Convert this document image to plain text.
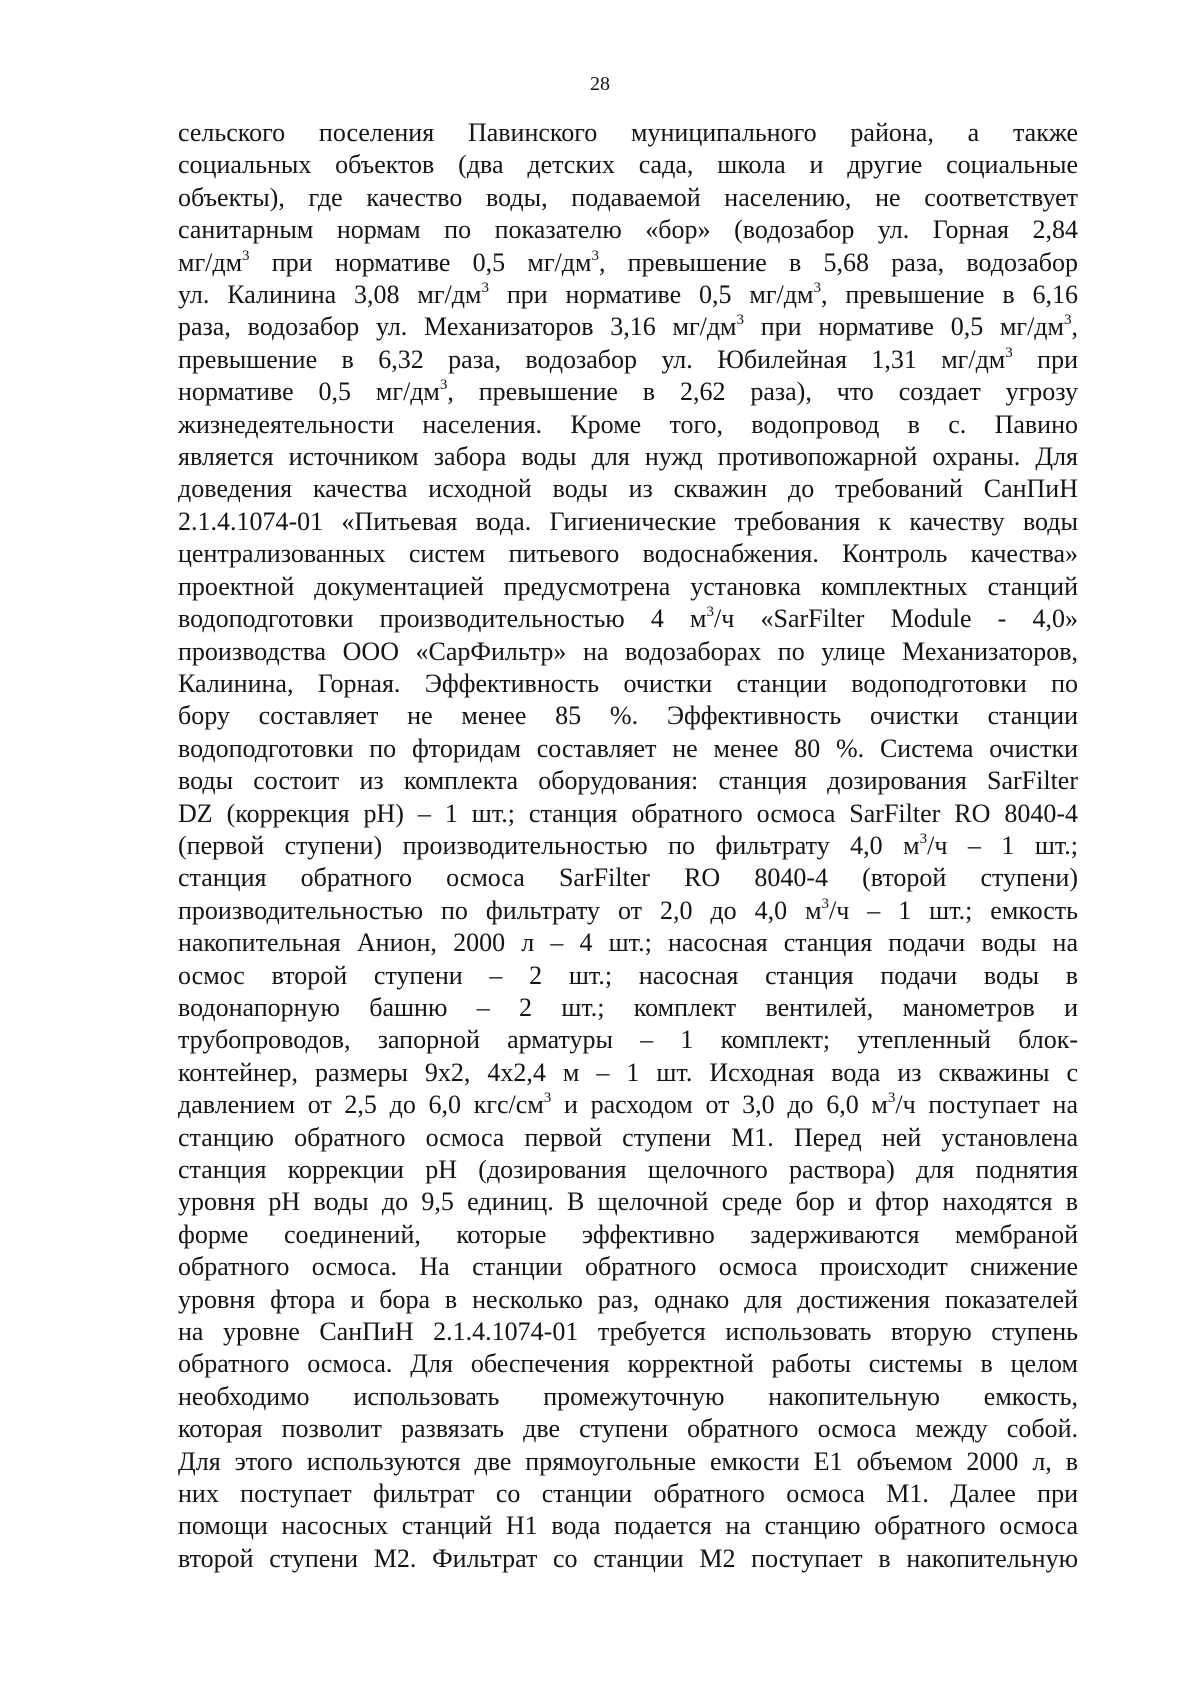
28
сельского поселения Павинского муниципального района, а также
социальных объектов (два детских сада, школа и другие социальные
объекты), где качество воды, подаваемой населению, не соответствует
санитарным нормам по показателю «бор» (водозабор ул. Горная 2,84
$мг/дм^3$ при нормативе 0,5 $мг/дм^3$, превышение в 5,68 раза, водозабор
ул. Калинина 3,08 $мг/дм^3$ при нормативе 0,5 $мг/дм^3$, превышение в 6,16
раза, водозабор ул. Механизаторов 3,16 $мг/дм^3$ при нормативе 0,5 $мг/дм^3$,
превышение в 6,32 раза, водозабор ул. Юбилейная 1,31 $мг/дм^3$ при
нормативе 0,5 $мг/дм^3$, превышение в 2,62 раза), что создает угрозу
жизнедеятельности населения. Кроме того, водопровод в с. Павино
является источником забора воды для нужд противопожарной охраны. Для
доведения качества исходной воды из скважин до требований СанПиН
2.1.4.1074-01 «Питьевая вода. Гигиенические требования к качеству воды
централизованных систем питьевого водоснабжения. Контроль качества»
проектной документацией предусмотрена установка комплектных станций
водоподготовки производительностью 4 $м^3/ч$ «SarFilter Module - 4,0»
производства ООО «СарФильтр» на водозаборах по улице Механизаторов,
Калинина, Горная. Эффективность очистки станции водоподготовки по
бору составляет не менее 85 %. Эффективность очистки станции
водоподготовки по фторидам составляет не менее 80 %. Система очистки
воды состоит из комплекта оборудования: станция дозирования SarFilter
DZ (коррекция pH) – 1 шт.; станция обратного осмоса SarFilter RO 8040-4
(первой ступени) производительностью по фильтрату 4,0 $м^3/ч - 1$ шт.;
станция обратного осмоса SarFilter RO 8040-4 (второй ступени)
производительностью по фильтрату от 2,0 до 4,0 $м^3/ч - 1$ шт.; емкость
накопительная Анион, 2000 л – 4 шт.; насосная станция подачи воды на
осмос второй ступени – 2 шт.; насосная станция подачи воды в
водонапорную башню – 2 шт.; комплект вентилей, манометров и
трубопроводов, запорной арматуры – 1 комплект; утепленный блок-
контейнер, размеры 9x2, 4x2,4 м – 1 шт. Исходная вода из скважины с
давлением от 2,5 до 6,0 кгс/$см^3$ и расходом от 3,0 до 6,0 $м^3/ч$ поступает на
станцию обратного осмоса первой ступени М1. Перед ней установлена
станция коррекции pH (дозирования щелочного раствора) для поднятия
уровня pH воды до 9,5 единиц. В щелочной среде бор и фтор находятся в
форме соединений, которые эффективно задерживаются мембраной
обратного осмоса. На станции обратного осмоса происходит снижение
уровня фтора и бора в несколько раз, однако для достижения показателей
на уровне СанПиН 2.1.4.1074-01 требуется использовать вторую ступень
обратного осмоса. Для обеспечения корректной работы системы в целом
необходимо использовать промежуточную накопительную емкость,
которая позволит развязать две ступени обратного осмоса между собой.
Для этого используются две прямоугольные емкости Е1 объемом 2000 л, в
них поступает фильтрат со станции обратного осмоса М1. Далее при
помощи насосных станций Н1 вода подается на станцию обратного осмоса
второй ступени М2. Фильтрат со станции М2 поступает в накопительную
